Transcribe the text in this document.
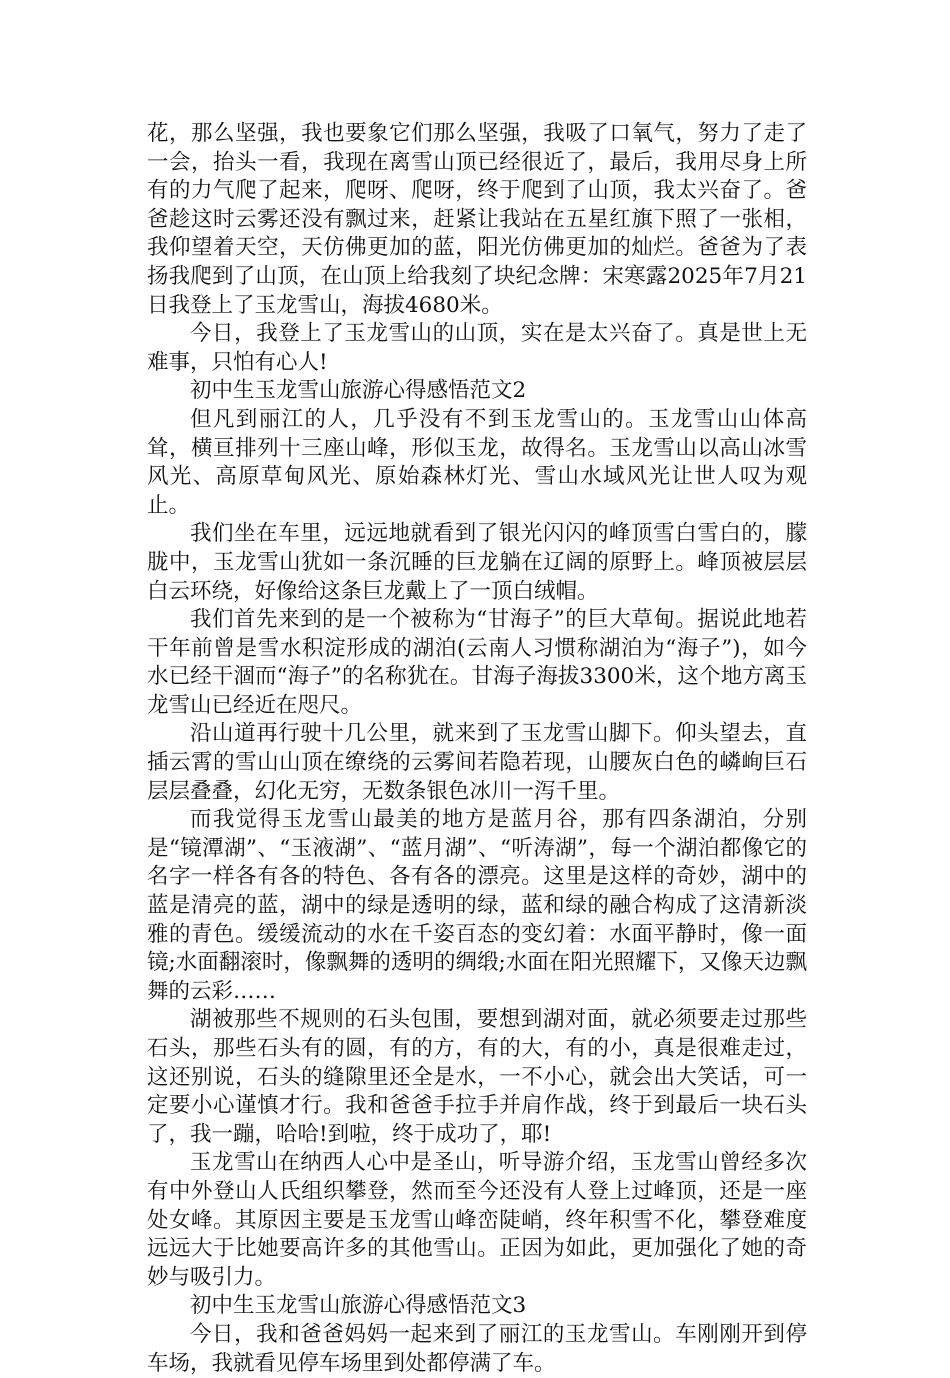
花，那么坚强，我也要象它们那么坚强，我吸了口氧气，努力了走了一会，抬头一看，我现在离雪山顶已经很近了，最后，我用尽身上所有的力气爬了起来，爬呀、爬呀，终于爬到了山顶，我太兴奋了。爸爸趁这时云雾还没有飘过来，赶紧让我站在五星红旗下照了一张相，我仰望着天空，天仿佛更加的蓝，阳光仿佛更加的灿烂。爸爸为了表扬我爬到了山顶，在山顶上给我刻了块纪念牌：宋寒露2025年7月21日我登上了玉龙雪山，海拔4680米。

今日，我登上了玉龙雪山的山顶，实在是太兴奋了。真是世上无难事，只怕有心人!

初中生玉龙雪山旅游心得感悟范文2

但凡到丽江的人，几乎没有不到玉龙雪山的。玉龙雪山山体高耸，横亘排列十三座山峰，形似玉龙，故得名。玉龙雪山以高山冰雪风光、高原草甸风光、原始森林灯光、雪山水域风光让世人叹为观止。

我们坐在车里，远远地就看到了银光闪闪的峰顶雪白雪白的，朦胧中，玉龙雪山犹如一条沉睡的巨龙躺在辽阔的原野上。峰顶被层层白云环绕，好像给这条巨龙戴上了一顶白绒帽。

我们首先来到的是一个被称为“甘海子”的巨大草甸。据说此地若干年前曾是雪水积淀形成的湖泊(云南人习惯称湖泊为“海子”)，如今水已经干涸而“海子”的名称犹在。甘海子海拔3300米，这个地方离玉龙雪山已经近在咫尺。

沿山道再行驶十几公里，就来到了玉龙雪山脚下。仰头望去，直插云霄的雪山山顶在缭绕的云雾间若隐若现，山腰灰白色的嶙峋巨石层层叠叠，幻化无穷，无数条银色冰川一泻千里。

而我觉得玉龙雪山最美的地方是蓝月谷，那有四条湖泊，分别是“镜潭湖”、“玉液湖”、“蓝月湖”、“听涛湖”，每一个湖泊都像它的名字一样各有各的特色、各有各的漂亮。这里是这样的奇妙，湖中的蓝是清亮的蓝，湖中的绿是透明的绿，蓝和绿的融合构成了这清新淡雅的青色。缓缓流动的水在千姿百态的变幻着：水面平静时，像一面镜;水面翻滚时，像飘舞的透明的绸缎;水面在阳光照耀下，又像天边飘舞的云彩……

湖被那些不规则的石头包围，要想到湖对面，就必须要走过那些石头，那些石头有的圆，有的方，有的大，有的小，真是很难走过，这还别说，石头的缝隙里还全是水，一不小心，就会出大笑话，可一定要小心谨慎才行。我和爸爸手拉手并肩作战，终于到最后一块石头了，我一蹦，哈哈!到啦，终于成功了，耶!

玉龙雪山在纳西人心中是圣山，听导游介绍，玉龙雪山曾经多次有中外登山人氏组织攀登，然而至今还没有人登上过峰顶，还是一座处女峰。其原因主要是玉龙雪山峰峦陡峭，终年积雪不化，攀登难度远远大于比她要高许多的其他雪山。正因为如此，更加强化了她的奇妙与吸引力。

初中生玉龙雪山旅游心得感悟范文3

今日，我和爸爸妈妈一起来到了丽江的玉龙雪山。车刚刚开到停车场，我就看见停车场里到处都停满了车。
